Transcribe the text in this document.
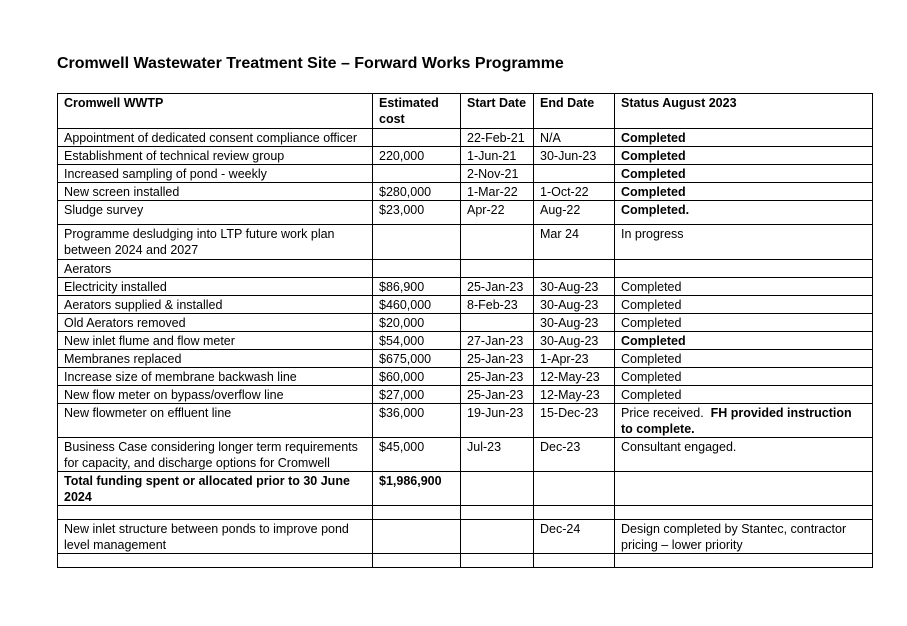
Cromwell Wastewater Treatment Site – Forward Works Programme
Cromwell WWTP	Estimated cost	Start Date	End Date	Status August 2023
Appointment of dedicated consent compliance officer		22-Feb-21	N/A	Completed
Establishment of technical review group	220,000	1-Jun-21	30-Jun-23	Completed
Increased sampling of pond - weekly		2-Nov-21		Completed
New screen installed	$280,000	1-Mar-22	1-Oct-22	Completed
Sludge survey	$23,000	Apr-22	Aug-22	Completed.
Programme desludging into LTP future work plan between 2024 and 2027			Mar 24	In progress
Aerators				
Electricity installed	$86,900	25-Jan-23	30-Aug-23	Completed
Aerators supplied & installed	$460,000	8-Feb-23	30-Aug-23	Completed
Old Aerators removed	$20,000		30-Aug-23	Completed
New inlet flume and flow meter	$54,000	27-Jan-23	30-Aug-23	Completed
Membranes replaced	$675,000	25-Jan-23	1-Apr-23	Completed
Increase size of membrane backwash line	$60,000	25-Jan-23	12-May-23	Completed
New flow meter on bypass/overflow line	$27,000	25-Jan-23	12-May-23	Completed
New flowmeter on effluent line	$36,000	19-Jun-23	15-Dec-23	Price received. FH provided instruction to complete.
Business Case considering longer term requirements for capacity, and discharge options for Cromwell	$45,000	Jul-23	Dec-23	Consultant engaged.
Total funding spent or allocated prior to 30 June 2024	$1,986,900			

New inlet structure between ponds to improve pond level management			Dec-24	Design completed by Stantec, contractor pricing – lower priority
